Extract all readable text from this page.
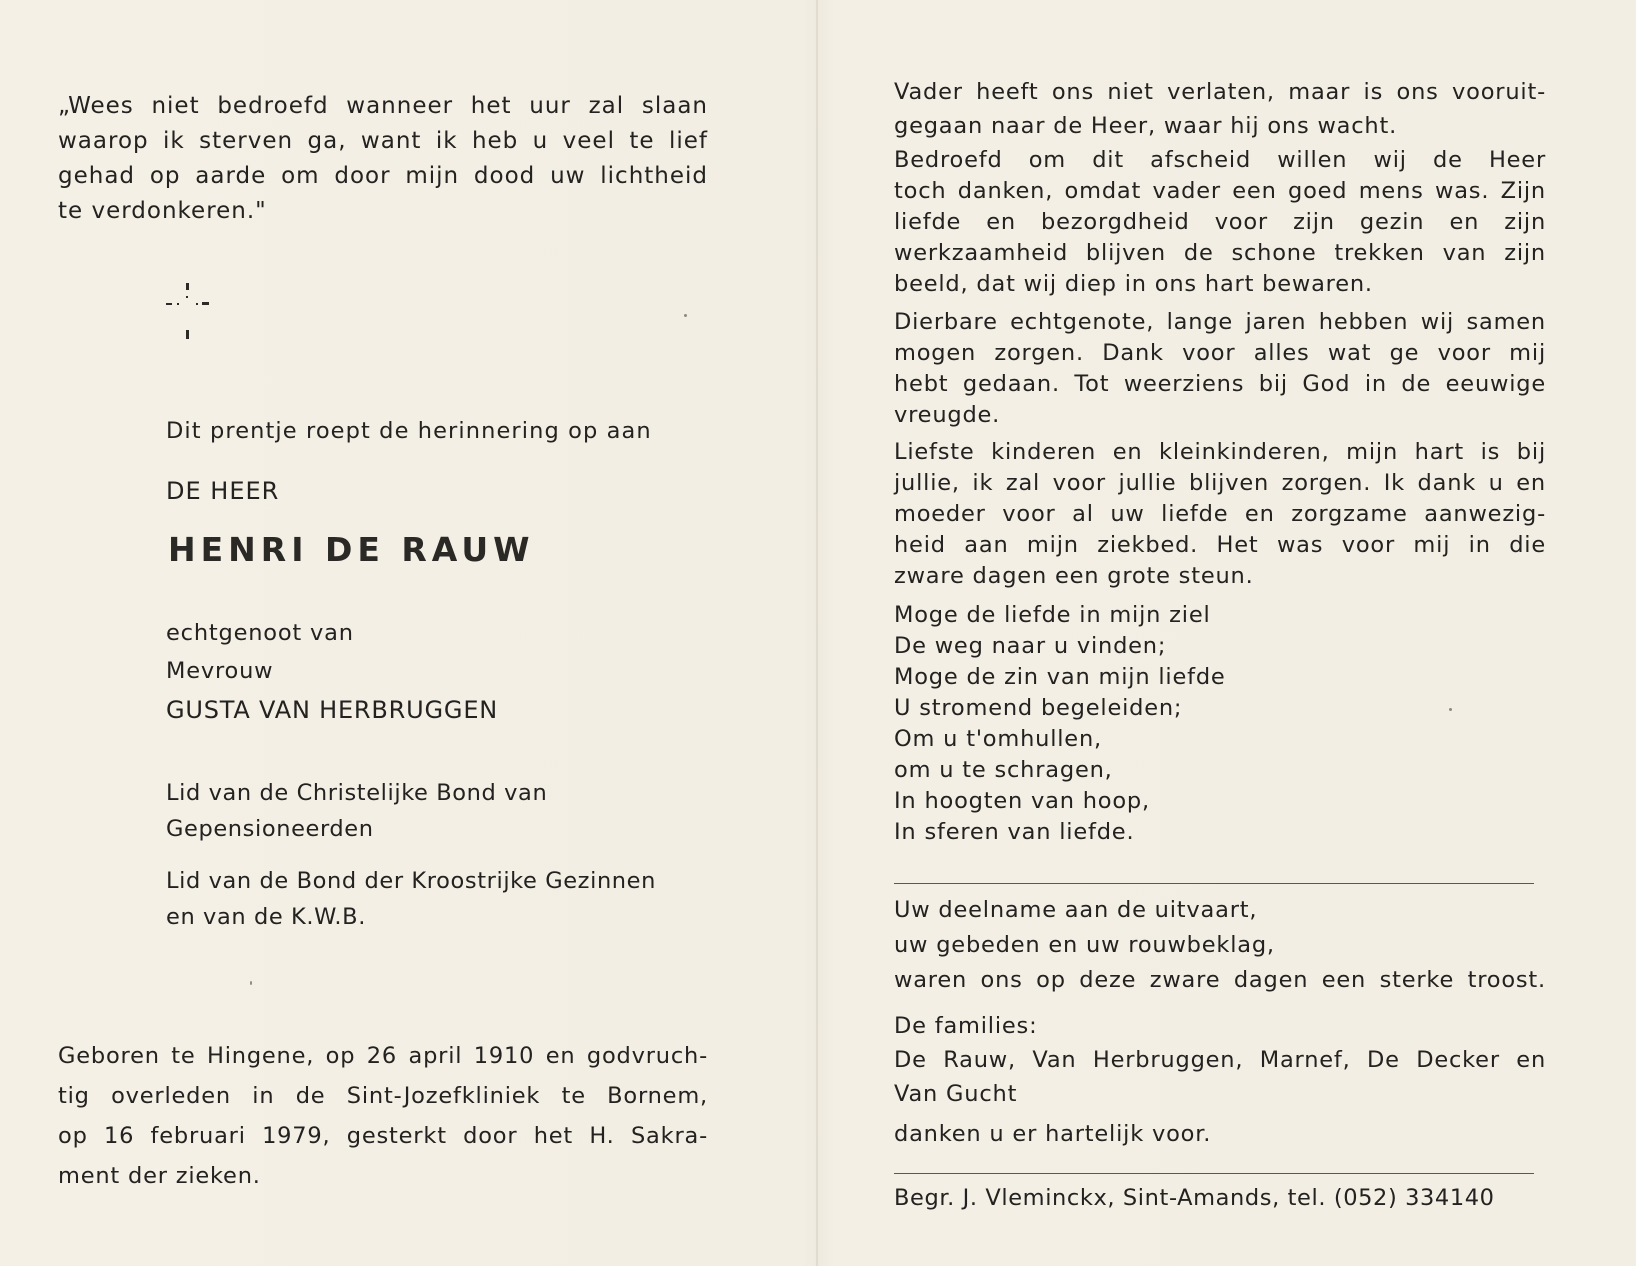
„Wees niet bedroefd wanneer het uur zal slaan
waarop ik sterven ga, want ik heb u veel te lief
gehad op aarde om door mijn dood uw lichtheid
te verdonkeren."

Dit prentje roept de herinnering op aan

DE HEER

HENRI DE RAUW

echtgenoot van

Mevrouw

GUSTA VAN HERBRUGGEN

Lid van de Christelijke Bond van
Gepensioneerden
Lid van de Bond der Kroostrijke Gezinnen
en van de K.W.B.
Geboren te Hingene, op 26 april 1910 en godvruch-
tig overleden in de Sint-Jozefkliniek te Bornem,
op 16 februari 1979, gesterkt door het H. Sakra-
ment der zieken.
Vader heeft ons niet verlaten, maar is ons vooruit-
gegaan naar de Heer, waar hij ons wacht.
Bedroefd om dit afscheid willen wij de Heer
toch danken, omdat vader een goed mens was. Zijn
liefde en bezorgdheid voor zijn gezin en zijn
werkzaamheid blijven de schone trekken van zijn
beeld, dat wij diep in ons hart bewaren.
Dierbare echtgenote, lange jaren hebben wij samen
mogen zorgen. Dank voor alles wat ge voor mij
hebt gedaan. Tot weerziens bij God in de eeuwige
vreugde.
Liefste kinderen en kleinkinderen, mijn hart is bij
jullie, ik zal voor jullie blijven zorgen. Ik dank u en
moeder voor al uw liefde en zorgzame aanwezig-
heid aan mijn ziekbed. Het was voor mij in die
zware dagen een grote steun.
Moge de liefde in mijn ziel
De weg naar u vinden;
Moge de zin van mijn liefde
U stromend begeleiden;
Om u t'omhullen,
om u te schragen,
In hoogten van hoop,
In sferen van liefde.
Uw deelname aan de uitvaart,
uw gebeden en uw rouwbeklag,
waren ons op deze zware dagen een sterke troost.
De families:
De Rauw, Van Herbruggen, Marnef, De Decker en
Van Gucht

danken u er hartelijk voor.

Begr. J. Vleminckx, Sint-Amands, tel. (052) 334140
